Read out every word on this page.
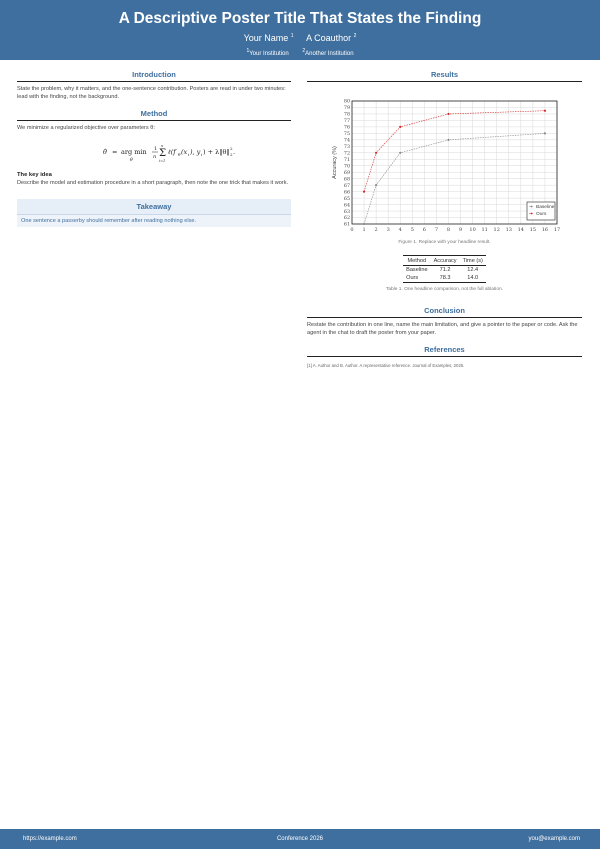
A Descriptive Poster Title That States the Finding
Your Name $^1$ A Coauthor $^2$
$^1$Your Institution	$^2$Another Institution
Introduction
State the problem, why it matters, and the one-sentence contribution. Posters are read in under two minutes: lead with the finding, not the background.
Method
We minimize a regularized objective over parameters θ:
θ̂ = arg min
θ
1
n Σ
n
i=1
ℓ(f θ (x i ), y i ) + λ‖θ‖ 2
2 .
The key idea
Describe the model and estimation procedure in a short paragraph, then note the one trick that makes it work.
Takeaway
One sentence a passerby should remember after reading nothing else.
Results
0 1 2 3 4 5 6 7 8 9 10 11 12 13 14 15 16 17
61
62
63
64
65
66
67
68
69
70
71
72
73
74
75
76
77
78
79
80
Accuracy (%)
Baseline
Ours
Figure 1. Replace with your headline result.
Method	Accuracy	Time (s)
Baseline	71.2	12.4
Ours	78.3	14.0
Table 1. One headline comparison, not the full ablation.
Conclusion
Restate the contribution in one line, name the main limitation, and give a pointer to the paper or code. Ask the agent in the chat to draft the poster from your paper.
References
[1] A. Author and B. Author. A representative reference. Journal of Examples, 2025.
https://example.com	Conference 2026	you@example.com
